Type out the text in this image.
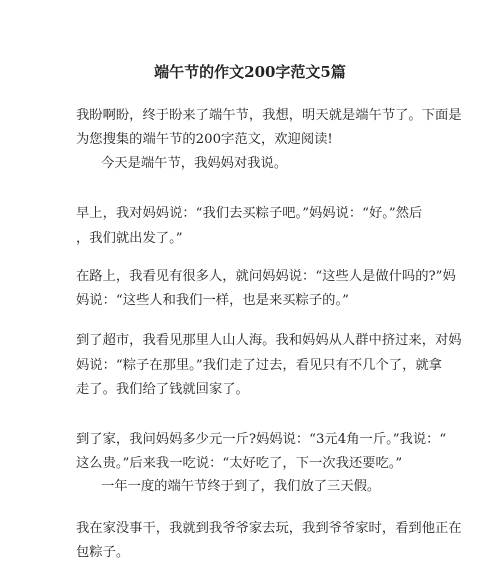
端午节的作文200字范文5篇
我盼啊盼，终于盼来了端午节，我想，明天就是端午节了。下面是
为您搜集的端午节的200字范文，欢迎阅读!
今天是端午节，我妈妈对我说。
早上，我对妈妈说：“我们去买粽子吧。”妈妈说：“好。”然后
，我们就出发了。”
在路上，我看见有很多人，就问妈妈说：“这些人是做什吗的?”妈
妈说：“这些人和我们一样，也是来买粽子的。”
到了超市，我看见那里人山人海。我和妈妈从人群中挤过来，对妈
妈说：“粽子在那里。”我们走了过去，看见只有不几个了，就拿
走了。我们给了钱就回家了。
到了家，我问妈妈多少元一斤?妈妈说：“3元4角一斤。”我说：“
这么贵。”后来我一吃说：“太好吃了，下一次我还要吃。”
一年一度的端午节终于到了，我们放了三天假。
我在家没事干，我就到我爷爷家去玩，我到爷爷家时，看到他正在
包粽子。
